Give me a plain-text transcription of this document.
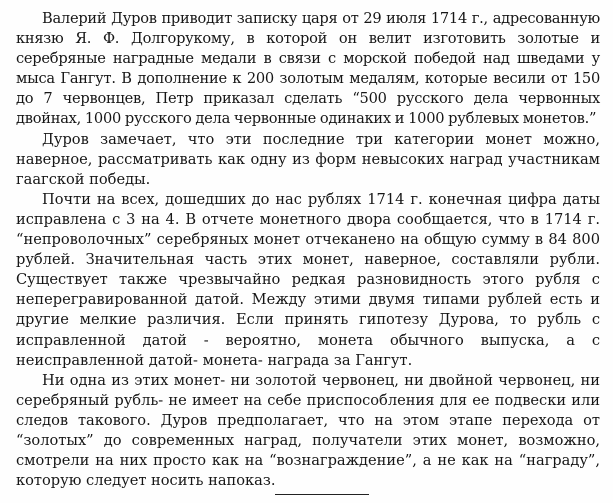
Валерий Дуров приводит записку царя от 29 июля 1714 г., адресованную князю Я. Ф. Долгорукому, в которой он велит изготовить золотые и серебряные наградные медали в связи с морской победой над шведами у мыса Гангут. В дополнение к 200 золотым медалям, которые весили от 150 до 7 червонцев, Петр приказал сделать “500 русского дела червонных двойнах, 1000 русского дела червонные одинаких и 1000 рублевых монетов.”

Дуров замечает, что эти последние три категории монет можно, наверное, рассматривать как одну из форм невысоких наград участникам гаагской победы.

Почти на всех, дошедших до нас рублях 1714 г. конечная цифра даты исправлена с 3 на 4. В отчете монетного двора сообщается, что в 1714 г. “непроволочных” серебряных монет отчеканено на общую сумму в 84 800 рублей. Значительная часть этих монет, наверное, составляли рубли. Существует также чрезвычайно редкая разновидность этого рубля с неперегравированной датой. Между этими двумя типами рублей есть и другие мелкие различия. Если принять гипотезу Дурова, то рубль с исправленной датой - вероятно, монета обычного выпуска, а с неисправленной датой- монета- награда за Гангут.

Ни одна из этих монет- ни золотой червонец, ни двойной червонец, ни серебряный рубль- не имеет на себе приспособления для ее подвески или следов такового. Дуров предполагает, что на этом этапе перехода от “золотых” до современных наград, получатели этих монет, возможно, смотрели на них просто как на “вознаграждение”, а не как на “награду”, которую следует носить напоказ.
